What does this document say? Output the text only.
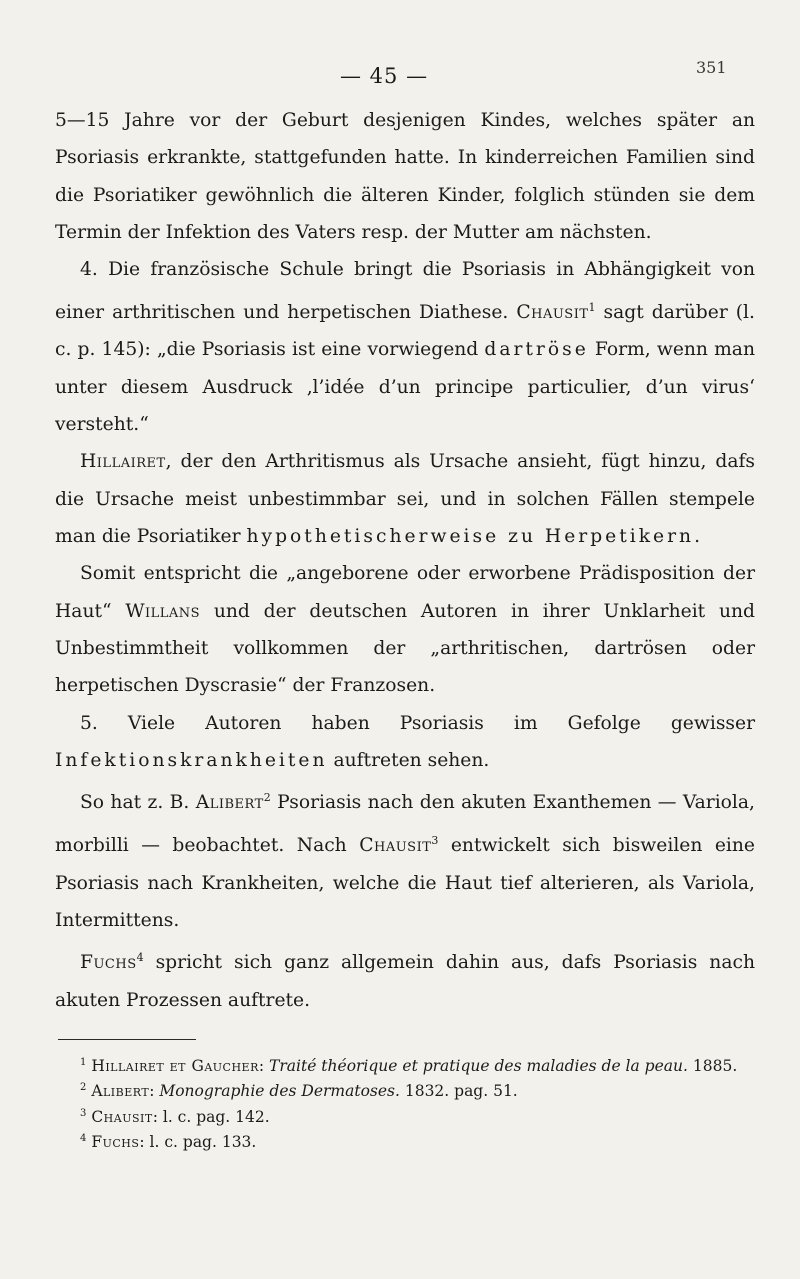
— 45 —	351

5—15 Jahre vor der Geburt desjenigen Kindes, welches später an Psoriasis erkrankte, stattgefunden hatte. In kinderreichen Familien sind die Psoriatiker gewöhnlich die älteren Kinder, folglich stünden sie dem Termin der Infektion des Vaters resp. der Mutter am nächsten.

4. Die französische Schule bringt die Psoriasis in Abhängigkeit von einer arthritischen und herpetischen Diathese. Chausit$^1$ sagt darüber (l. c. p. 145): „die Psoriasis ist eine vorwiegend dartröse Form, wenn man unter diesem Ausdruck ‚l’idée d’un principe particulier, d’un virus‘ versteht.“

Hillairet, der den Arthritismus als Ursache ansieht, fügt hinzu, dafs die Ursache meist unbestimmbar sei, und in solchen Fällen stempele man die Psoriatiker hypothetischerweise zu Herpetikern.

Somit entspricht die „angeborene oder erworbene Prädisposition der Haut“ Willans und der deutschen Autoren in ihrer Unklarheit und Unbestimmtheit vollkommen der „arthritischen, dartrösen oder herpetischen Dyscrasie“ der Franzosen.

5. Viele Autoren haben Psoriasis im Gefolge gewisser Infektionskrankheiten auftreten sehen.

So hat z. B. Alibert$^2$ Psoriasis nach den akuten Exanthemen — Variola, morbilli — beobachtet. Nach Chausit$^3$ entwickelt sich bisweilen eine Psoriasis nach Krankheiten, welche die Haut tief alterieren, als Variola, Intermittens.

Fuchs$^4$ spricht sich ganz allgemein dahin aus, dafs Psoriasis nach akuten Prozessen auftrete.

$^1$ Hillairet et Gaucher: Traité théorique et pratique des maladies de la peau. 1885.

$^2$ Alibert: Monographie des Dermatoses. 1832. pag. 51.

$^3$ Chausit: l. c. pag. 142.

$^4$ Fuchs: l. c. pag. 133.
